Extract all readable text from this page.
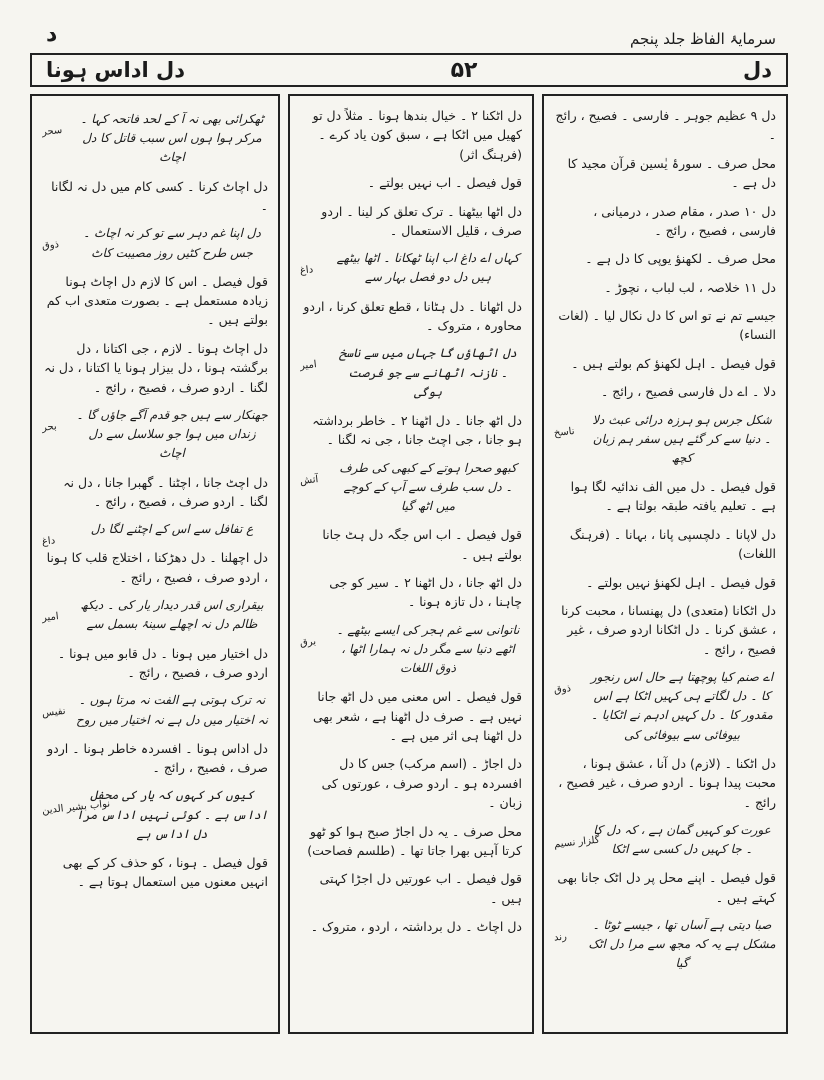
د	سرمایۂ الفاظ جلد پنجم
دل
۵۲
دل اداس ہونا
دل ۹ عظیم جوہر ۔ فارسی ۔ فصیح ، رائج ۔
محل صرف ۔ سورۂ یٰسین قرآن مجید کا دل ہے ۔
دل ۱۰ صدر ، مقام صدر ، درمیانی ، فارسی ، فصیح ، رائج ۔
محل صرف ۔ لکھنؤ یوپی کا دل ہے ۔
دل ۱۱ خلاصہ ، لب لباب ، نچوڑ ۔
جیسے تم نے تو اس کا دل نکال لیا ۔ (لغات النساء)
قول فیصل ۔ اہل لکھنؤ کم بولتے ہیں ۔
دلا ۔ اے دل فارسی فصیح ، رائج ۔
شکل جرس ہو ہرزہ درائی عبث دلا ۔ دنیا سے کر گئے ہیں سفر ہم زبان کچھ
ناسخ
قول فیصل ۔ دل میں الف ندائیہ لگا ہوا ہے ۔ تعلیم یافتہ طبقہ بولتا ہے ۔
دل لاپانا ۔ دلچسپی پانا ، بہانا ۔ (فرہنگ اللغات)
قول فیصل ۔ اہل لکھنؤ نہیں بولتے ۔
دل اٹکانا (متعدی) دل پھنسانا ، محبت کرنا ، عشق کرنا ۔ دل اٹکانا اردو صرف ، غیر فصیح ، رائج ۔
اے صنم کیا پوچھتا ہے حال اس رنجور کا ۔ دل لگاتے ہی کہیں اٹکا ہے اس مقدور کا ۔ دل کہیں ادہم نے اٹکایا ۔ بیوفائی سے بیوفائی کی
ذوق
دل اٹکنا ۔ (لازم) دل آنا ، عشق ہونا ، محبت پیدا ہونا ۔ اردو صرف ، غیر فصیح ، رائج ۔
عورت کو کہیں گمان ہے ، کہ دل کا ۔ جا کہیں دل کسی سے اٹکا
گلزار نسیم
قول فیصل ۔ اپنے محل پر دل اٹک جانا بھی کہتے ہیں ۔
صبا دیتی ہے آساں تھا ، جیسے ٹوٹا ۔ مشکل ہے یہ کہ مجھ سے مرا دل اٹک گیا
رند
دل اٹکنا ۲ ۔ خیال بندھا ہونا ۔ مثلاً دل تو کھیل میں اٹکا ہے ، سبق کون یاد کرے ۔ (فرہنگ اثر)
قول فیصل ۔ اب نہیں بولتے ۔
دل اٹھا بیٹھنا ۔ ترک تعلق کر لینا ۔ اردو صرف ، قلیل الاستعمال ۔
کہاں اے داغ اب اپنا ٹھکانا ۔ اٹھا بیٹھے ہیں دل دو فصل بہار سے
داغ
دل اٹھانا ۔ دل ہٹانا ، قطع تعلق کرنا ، اردو محاورہ ، متروک ۔
دل اٹھاؤں گا جہاں میں سے ناسخ ۔ نازنہ اٹھانے سے جو فرصت ہوگی
امیر
دل اٹھ جانا ۔ دل اٹھنا ۲ ۔ خاطر برداشتہ ہو جانا ، جی اچٹ جانا ، جی نہ لگنا ۔
کبھو صحرا ہوتے کے کبھی کی طرف ۔ دل سب طرف سے آپ کے کوچے میں اٹھ گیا
آتش
قول فیصل ۔ اب اس جگہ دل ہٹ جانا بولتے ہیں ۔
دل اٹھ جانا ، دل اٹھنا ۲ ۔ سیر کو جی چاہنا ، دل تازہ ہونا ۔
ناتوانی سے غم ہجر کی ایسے بیٹھے ۔ اٹھے دنیا سے مگر دل نہ ہمارا اٹھا ، ذوق اللغات
برق
قول فیصل ۔ اس معنی میں دل اٹھ جانا نہیں ہے ۔ صرف دل اٹھنا ہے ، شعر بھی دل اٹھنا ہی اثر میں ہے ۔
دل اجاڑ ۔ (اسم مرکب) جس کا دل افسردہ ہو ۔ اردو صرف ، عورتوں کی زبان ۔
محل صرف ۔ یہ دل اجاڑ صبح ہوا کو ٹھو کرتا آہیں بھرا جاتا تھا ۔ (طلسم فصاحت)
قول فیصل ۔ اب عورتیں دل اجڑا کہتی ہیں ۔
دل اچاٹ ۔ دل برداشتہ ، اردو ، متروک ۔
ٹھکرائی بھی نہ آ کے لحد فاتحہ کہا ۔ مرکر ہوا ہوں اس سبب قاتل کا دل اچاٹ
سحر
دل اچاٹ کرنا ۔ کسی کام میں دل نہ لگانا ۔
دل اپنا غم دہر سے تو کر نہ اچاٹ ۔ جس طرح کٹیں روز مصیبت کاٹ
ذوق
قول فیصل ۔ اس کا لازم دل اچاٹ ہونا زیادہ مستعمل ہے ۔ بصورت متعدی اب کم بولتے ہیں ۔
دل اچاٹ ہونا ۔ لازم ، جی اکتانا ، دل برگشتہ ہونا ، دل بیزار ہونا یا اکتانا ، دل نہ لگنا ۔ اردو صرف ، فصیح ، رائج ۔
جھنکار سے ہیں جو قدم آگے جاؤں گا ۔ زنداں میں ہوا جو سلاسل سے دل اچاٹ
بحر
دل اچٹ جانا ، اچٹنا ۔ گھبرا جانا ، دل نہ لگنا ۔ اردو صرف ، فصیح ، رائج ۔
ع تفافل سے اس کے اچٹنے لگا دل
داغ
دل اچھلنا ۔ دل دھڑکنا ، اختلاج قلب کا ہونا ، اردو صرف ، فصیح ، رائج ۔
بیقراری اس قدر دیدار یار کی ۔ دیکھ ظالم دل نہ اچھلے سینۂ بسمل سے
امیر
دل اختیار میں ہونا ۔ دل قابو میں ہونا ۔ اردو صرف ، فصیح ، رائج ۔
نہ ترک ہوتی ہے الفت نہ مرتا ہوں ۔ نہ اختیار میں دل ہے نہ اختیار میں روح
نفیس
دل اداس ہونا ۔ افسردہ خاطر ہونا ۔ اردو صرف ، فصیح ، رائج ۔
کیوں کر کہوں کہ یار کی محفل اداس ہے ۔ کوئی نہیں اداس مرا دل اداس ہے
نواب بشیر الدین
قول فیصل ۔ ہونا ، کو حذف کر کے بھی انہیں معنوں میں استعمال ہوتا ہے ۔
